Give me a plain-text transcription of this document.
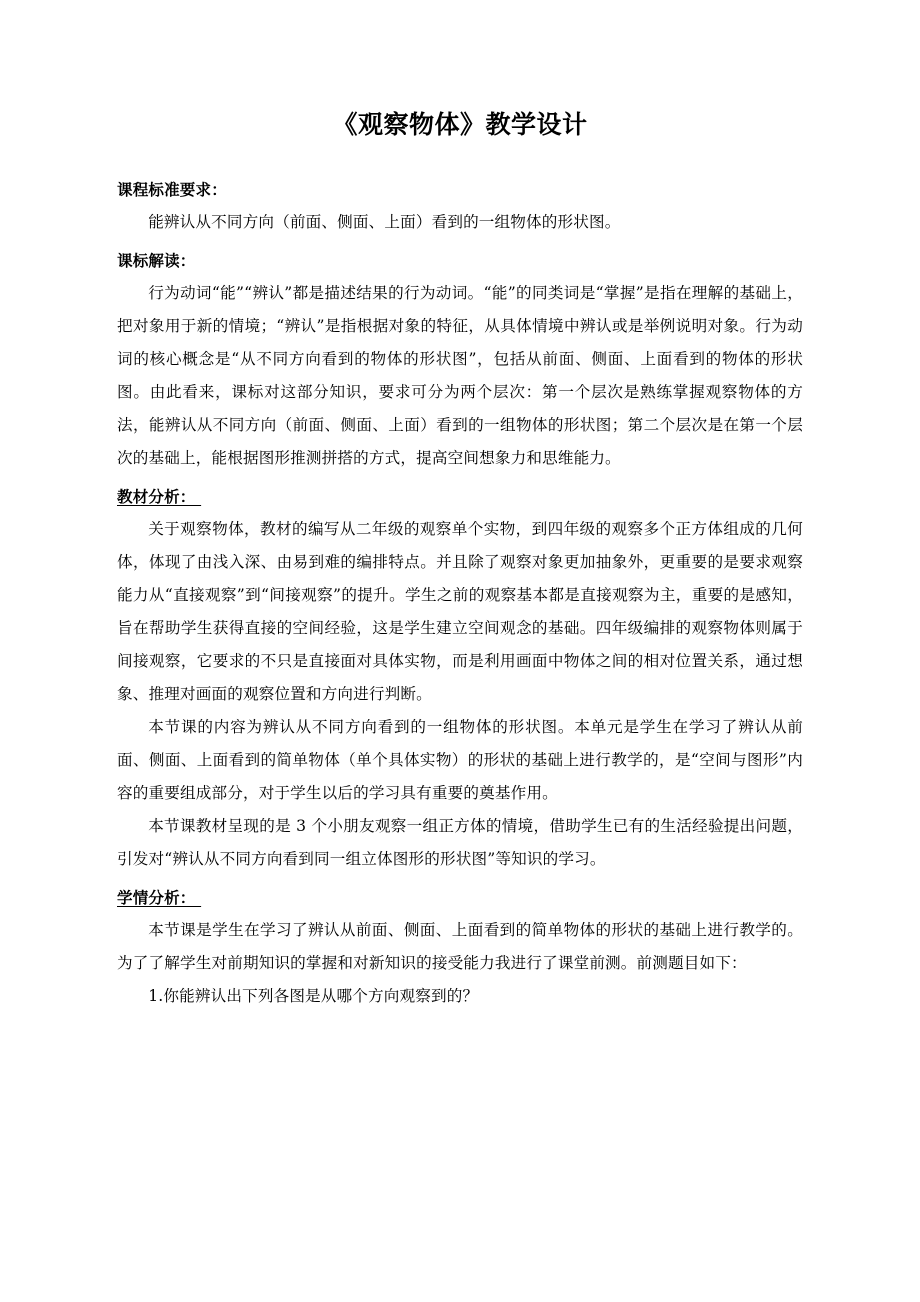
《观察物体》教学设计
课程标准要求：

能辨认从不同方向（前面、侧面、上面）看到的一组物体的形状图。

课标解读：

行为动词“能”“辨认”都是描述结果的行为动词。“能”的同类词是“掌握”是指在理解的基础上，把对象用于新的情境；“辨认”是指根据对象的特征，从具体情境中辨认或是举例说明对象。行为动词的核心概念是“从不同方向看到的物体的形状图”，包括从前面、侧面、上面看到的物体的形状图。由此看来，课标对这部分知识，要求可分为两个层次：第一个层次是熟练掌握观察物体的方法，能辨认从不同方向（前面、侧面、上面）看到的一组物体的形状图；第二个层次是在第一个层次的基础上，能根据图形推测拼搭的方式，提高空间想象力和思维能力。

教材分析：

关于观察物体，教材的编写从二年级的观察单个实物，到四年级的观察多个正方体组成的几何体，体现了由浅入深、由易到难的编排特点。并且除了观察对象更加抽象外，更重要的是要求观察能力从“直接观察”到“间接观察”的提升。学生之前的观察基本都是直接观察为主，重要的是感知，旨在帮助学生获得直接的空间经验，这是学生建立空间观念的基础。四年级编排的观察物体则属于间接观察，它要求的不只是直接面对具体实物，而是利用画面中物体之间的相对位置关系，通过想象、推理对画面的观察位置和方向进行判断。

本节课的内容为辨认从不同方向看到的一组物体的形状图。本单元是学生在学习了辨认从前面、侧面、上面看到的简单物体（单个具体实物）的形状的基础上进行教学的，是“空间与图形”内容的重要组成部分，对于学生以后的学习具有重要的奠基作用。

本节课教材呈现的是 3 个小朋友观察一组正方体的情境，借助学生已有的生活经验提出问题，引发对“辨认从不同方向看到同一组立体图形的形状图”等知识的学习。

学情分析：

本节课是学生在学习了辨认从前面、侧面、上面看到的简单物体的形状的基础上进行教学的。为了了解学生对前期知识的掌握和对新知识的接受能力我进行了课堂前测。前测题目如下：

1.你能辨认出下列各图是从哪个方向观察到的？
